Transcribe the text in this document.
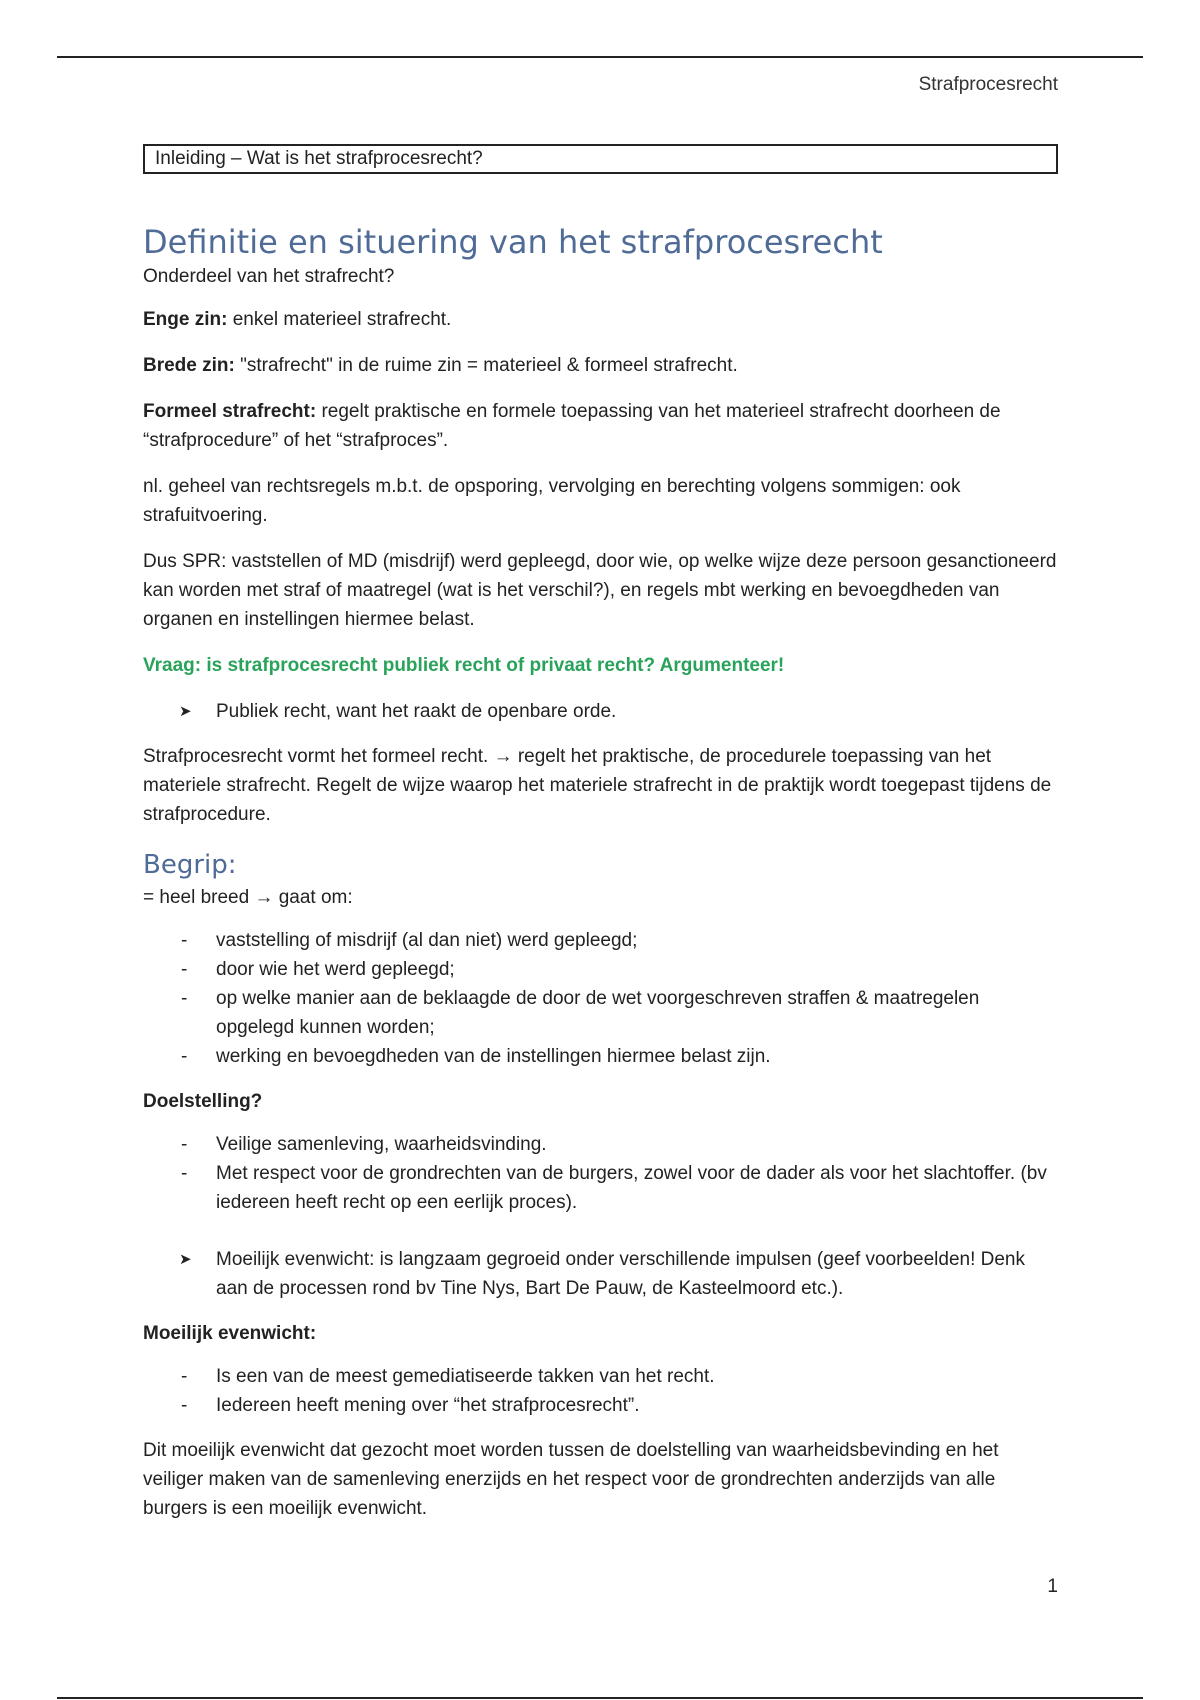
Strafprocesrecht
Inleiding – Wat is het strafprocesrecht?
Definitie en situering van het strafprocesrecht

Onderdeel van het strafrecht?

Enge zin: enkel materieel strafrecht.

Brede zin: "strafrecht" in de ruime zin = materieel & formeel strafrecht.

Formeel strafrecht: regelt praktische en formele toepassing van het materieel strafrecht doorheen de “strafprocedure” of het “strafproces”.

nl. geheel van rechtsregels m.b.t. de opsporing, vervolging en berechting volgens sommigen: ook strafuitvoering.

Dus SPR: vaststellen of MD (misdrijf) werd gepleegd, door wie, op welke wijze deze persoon gesanctioneerd kan worden met straf of maatregel (wat is het verschil?), en regels mbt werking en bevoegdheden van organen en instellingen hiermee belast.

Vraag: is strafprocesrecht publiek recht of privaat recht? Argumenteer!

➤ Publiek recht, want het raakt de openbare orde.

Strafprocesrecht vormt het formeel recht. → regelt het praktische, de procedurele toepassing van het materiele strafrecht. Regelt de wijze waarop het materiele strafrecht in de praktijk wordt toegepast tijdens de strafprocedure.

Begrip:

= heel breed → gaat om:

- vaststelling of misdrijf (al dan niet) werd gepleegd;
- door wie het werd gepleegd;
- op welke manier aan de beklaagde de door de wet voorgeschreven straffen & maatregelen opgelegd kunnen worden;
- werking en bevoegdheden van de instellingen hiermee belast zijn.

Doelstelling?

- Veilige samenleving, waarheidsvinding.
- Met respect voor de grondrechten van de burgers, zowel voor de dader als voor het slachtoffer. (bv iedereen heeft recht op een eerlijk proces).
➤ Moeilijk evenwicht: is langzaam gegroeid onder verschillende impulsen (geef voorbeelden! Denk aan de processen rond bv Tine Nys, Bart De Pauw, de Kasteelmoord etc.).

Moeilijk evenwicht:

- Is een van de meest gemediatiseerde takken van het recht.
- Iedereen heeft mening over “het strafprocesrecht”.

Dit moeilijk evenwicht dat gezocht moet worden tussen de doelstelling van waarheidsbevinding en het veiliger maken van de samenleving enerzijds en het respect voor de grondrechten anderzijds van alle burgers is een moeilijk evenwicht.

1
